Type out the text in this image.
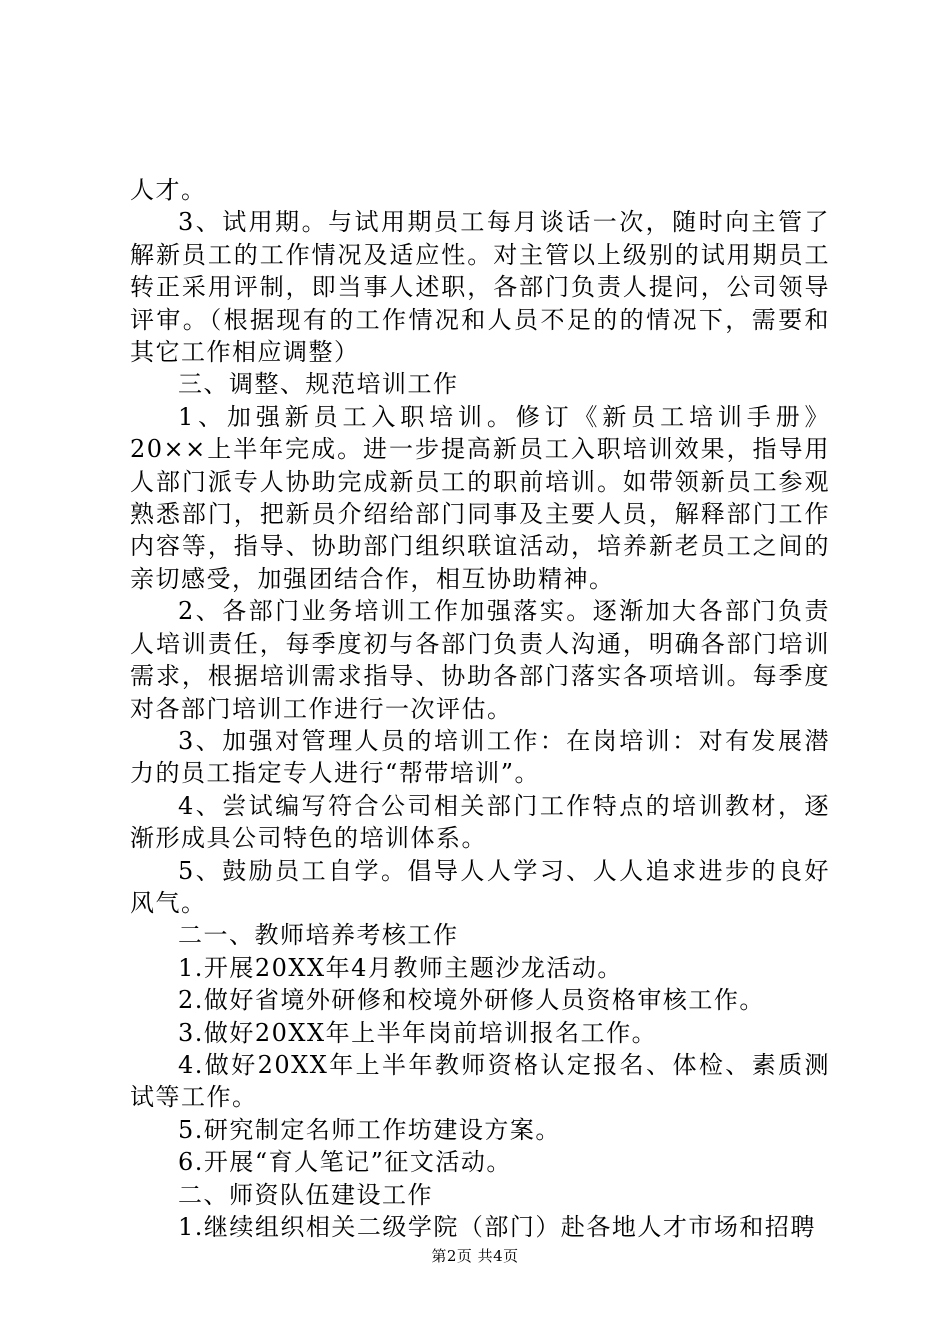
人才。

3、试用期。与试用期员工每月谈话一次，随时向主管了解新员工的工作情况及适应性。对主管以上级别的试用期员工转正采用评制，即当事人述职，各部门负责人提问，公司领导评审。（根据现有的工作情况和人员不足的的情况下，需要和其它工作相应调整）

三、调整、规范培训工作

1、加强新员工入职培训。修订《新员工培训手册》20××上半年完成。进一步提高新员工入职培训效果，指导用人部门派专人协助完成新员工的职前培训。如带领新员工参观熟悉部门，把新员介绍给部门同事及主要人员，解释部门工作内容等，指导、协助部门组织联谊活动，培养新老员工之间的亲切感受，加强团结合作，相互协助精神。

2、各部门业务培训工作加强落实。逐渐加大各部门负责人培训责任，每季度初与各部门负责人沟通，明确各部门培训需求，根据培训需求指导、协助各部门落实各项培训。每季度对各部门培训工作进行一次评估。

3、加强对管理人员的培训工作：在岗培训：对有发展潜力的员工指定专人进行“帮带培训”。

4、尝试编写符合公司相关部门工作特点的培训教材，逐渐形成具公司特色的培训体系。

5、鼓励员工自学。倡导人人学习、人人追求进步的良好风气。

二一、教师培养考核工作

1.开展20XX年4月教师主题沙龙活动。

2.做好省境外研修和校境外研修人员资格审核工作。

3.做好20XX年上半年岗前培训报名工作。

4.做好20XX年上半年教师资格认定报名、体检、素质测试等工作。

5.研究制定名师工作坊建设方案。

6.开展“育人笔记”征文活动。

二、师资队伍建设工作

1.继续组织相关二级学院（部门）赴各地人才市场和招聘

第2页 共4页
